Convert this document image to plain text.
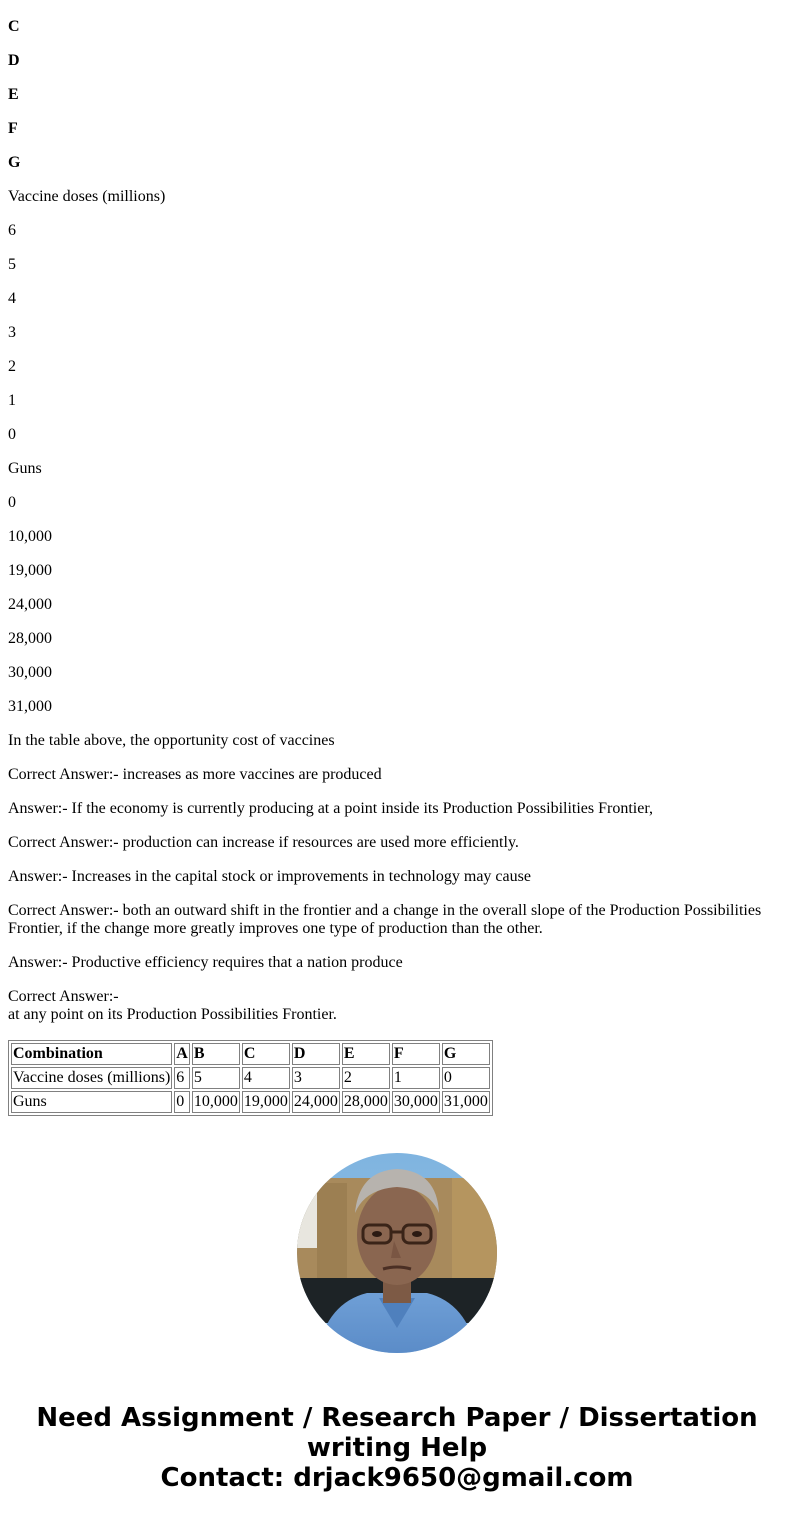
C
D
E
F
G
Vaccine doses (millions)
6
5
4
3
2
1
0
Guns
0
10,000
19,000
24,000
28,000
30,000
31,000
In the table above, the opportunity cost of vaccines
Correct Answer:- increases as more vaccines are produced
Answer:- If the economy is currently producing at a point inside its Production Possibilities Frontier,
Correct Answer:- production can increase if resources are used more efficiently.
Answer:- Increases in the capital stock or improvements in technology may cause
Correct Answer:- both an outward shift in the frontier and a change in the overall slope of the Production Possibilities Frontier, if the change more greatly improves one type of production than the other.
Answer:- Productive efficiency requires that a nation produce
Correct Answer:-
at any point on its Production Possibilities Frontier.
Combination	A	B	C	D	E	F	G
Vaccine doses (millions)	6	5	4	3	2	1	0
Guns	0	10,000	19,000	24,000	28,000	30,000	31,000
Need Assignment / Research Paper / Dissertation
writing Help
Contact: drjack9650@gmail.com
